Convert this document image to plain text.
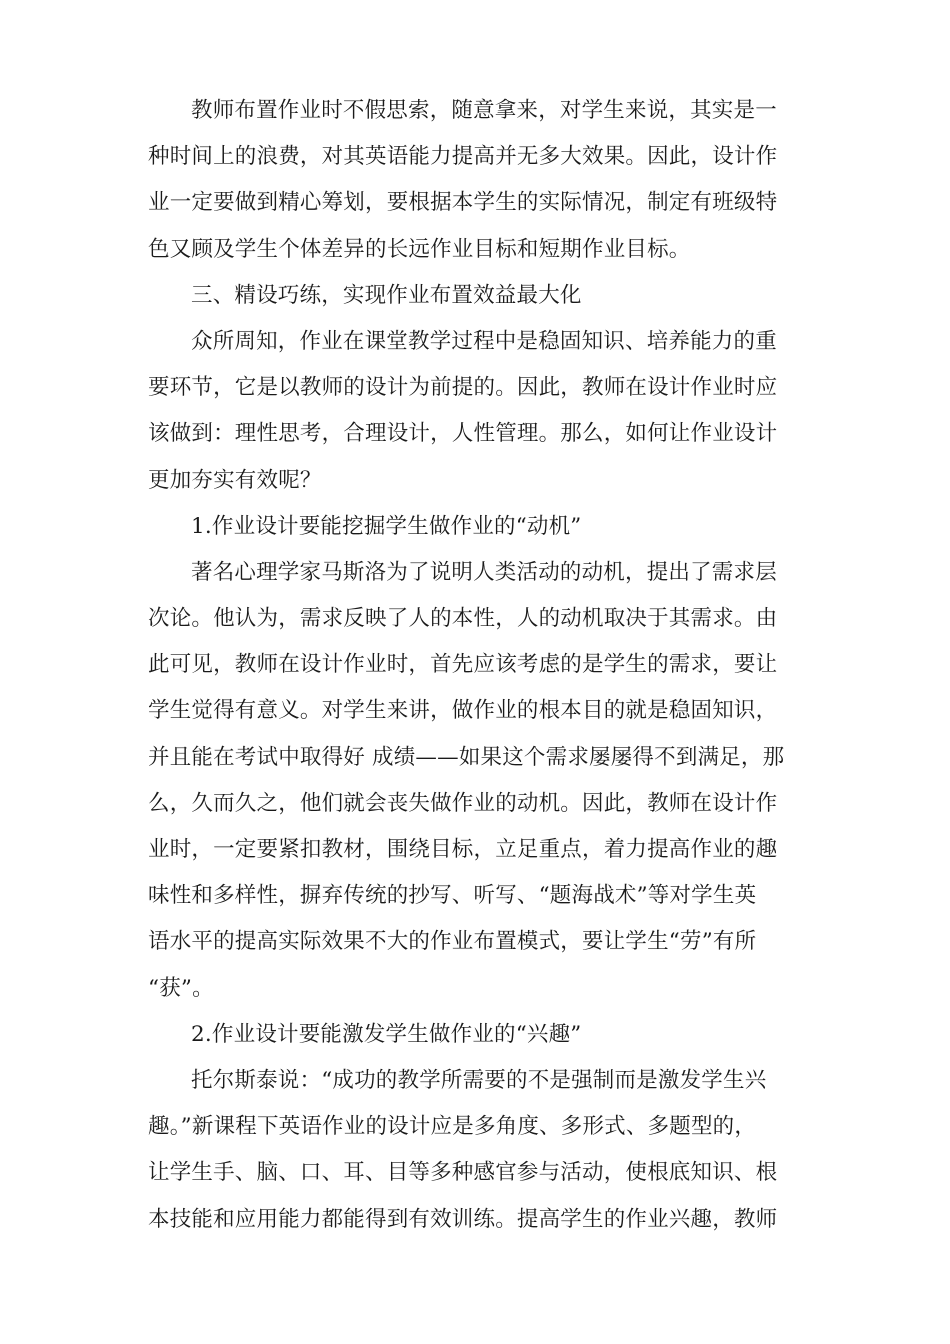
教师布置作业时不假思索，随意拿来，对学生来说，其实是一
种时间上的浪费，对其英语能力提高并无多大效果。因此，设计作
业一定要做到精心筹划，要根据本学生的实际情况，制定有班级特
色又顾及学生个体差异的长远作业目标和短期作业目标。
三、精设巧练，实现作业布置效益最大化
众所周知，作业在课堂教学过程中是稳固知识、培养能力的重
要环节，它是以教师的设计为前提的。因此，教师在设计作业时应
该做到：理性思考，合理设计，人性管理。那么，如何让作业设计
更加夯实有效呢？
1.作业设计要能挖掘学生做作业的“动机”
著名心理学家马斯洛为了说明人类活动的动机，提出了需求层
次论。他认为，需求反映了人的本性，人的动机取决于其需求。由
此可见，教师在设计作业时，首先应该考虑的是学生的需求，要让
学生觉得有意义。对学生来讲，做作业的根本目的就是稳固知识，
并且能在考试中取得好 成绩——如果这个需求屡屡得不到满足，那
么，久而久之，他们就会丧失做作业的动机。因此，教师在设计作
业时，一定要紧扣教材，围绕目标，立足重点，着力提高作业的趣
味性和多样性，摒弃传统的抄写、听写、“题海战术”等对学生英
语水平的提高实际效果不大的作业布置模式，要让学生“劳”有所
“获”。
2.作业设计要能激发学生做作业的“兴趣”
托尔斯泰说：“成功的教学所需要的不是强制而是激发学生兴
趣。”新课程下英语作业的设计应是多角度、多形式、多题型的，
让学生手、脑、口、耳、目等多种感官参与活动，使根底知识、根
本技能和应用能力都能得到有效训练。提高学生的作业兴趣，教师
